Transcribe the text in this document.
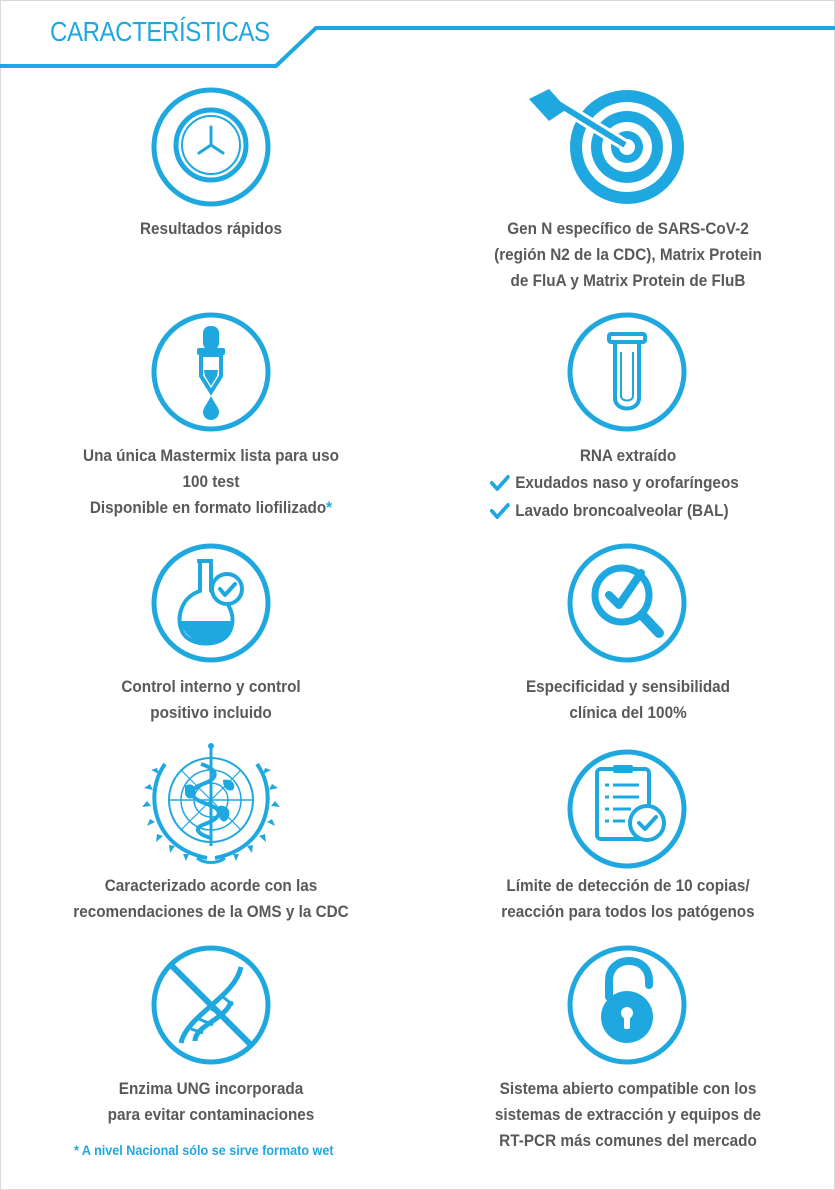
CARACTERÍSTICAS
Resultados rápidos	Gen N específico de SARS-CoV-2
(región N2 de la CDC), Matrix Protein
de FluA y Matrix Protein de FluB
Una única Mastermix lista para uso
100 test
Disponible en formato liofilizado*
RNA extraído
Exudados naso y orofaríngeos
Lavado broncoalveolar (BAL)
Control interno y control
positivo incluido
Especificidad y sensibilidad
clínica del 100%
Caracterizado acorde con las
recomendaciones de la OMS y la CDC
Límite de detección de 10 copias/
reacción para todos los patógenos
Enzima UNG incorporada
para evitar contaminaciones
Sistema abierto compatible con los
sistemas de extracción y equipos de
RT-PCR más comunes del mercado
* A nivel Nacional sólo se sirve formato wet
